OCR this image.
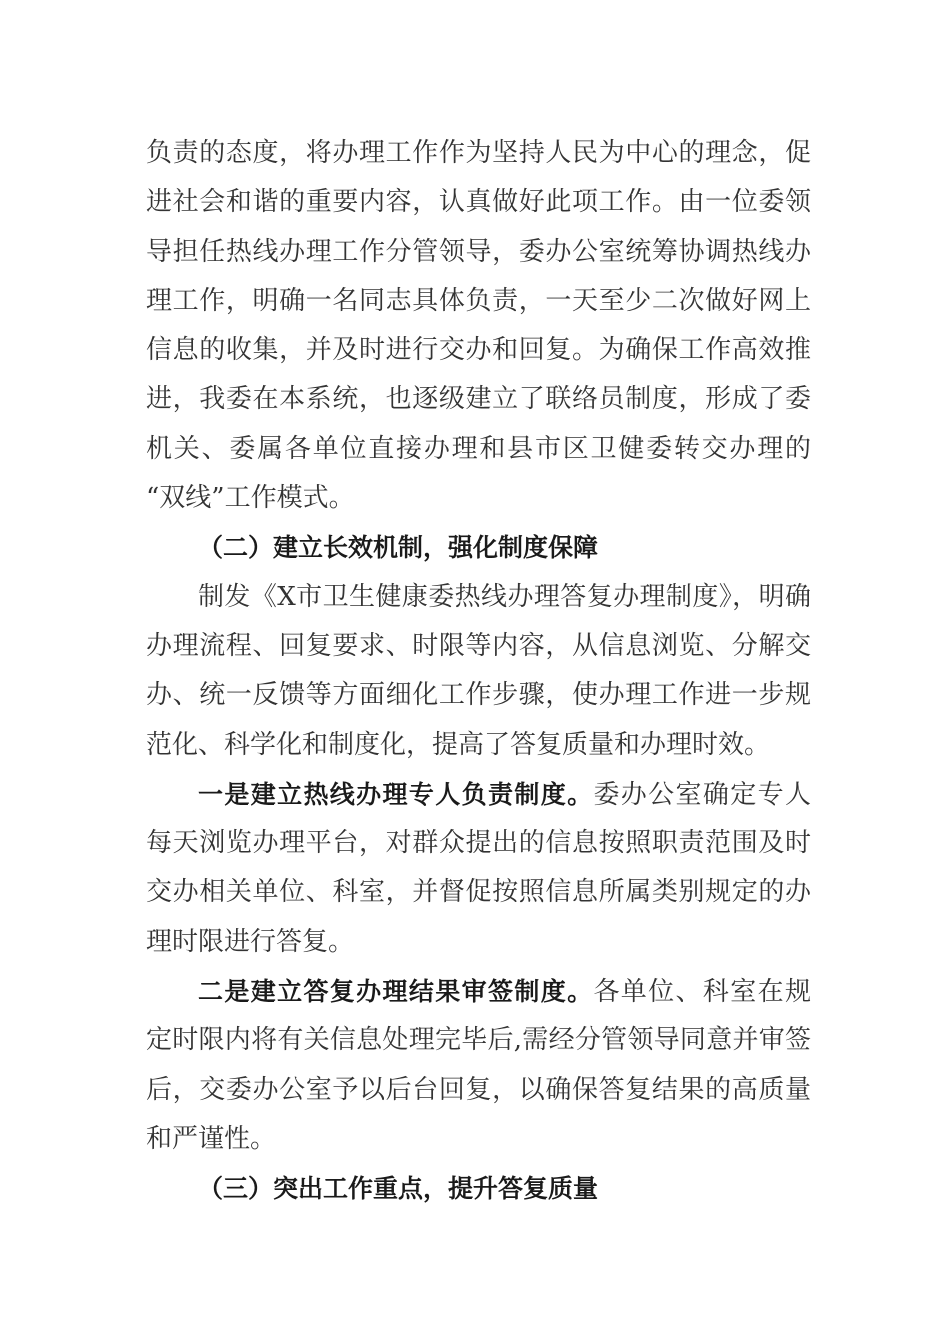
负责的态度，将办理工作作为坚持人民为中心的理念，促
进社会和谐的重要内容，认真做好此项工作。由一位委领
导担任热线办理工作分管领导，委办公室统筹协调热线办
理工作，明确一名同志具体负责，一天至少二次做好网上
信息的收集，并及时进行交办和回复。为确保工作高效推
进，我委在本系统，也逐级建立了联络员制度，形成了委
机关、委属各单位直接办理和县市区卫健委转交办理的
“双线”工作模式。
（二）建立长效机制，强化制度保障
制发《X市卫生健康委热线办理答复办理制度》，明确
办理流程、回复要求、时限等内容，从信息浏览、分解交
办、统一反馈等方面细化工作步骤，使办理工作进一步规
范化、科学化和制度化，提高了答复质量和办理时效。
一是建立热线办理专人负责制度。委办公室确定专人
每天浏览办理平台，对群众提出的信息按照职责范围及时
交办相关单位、科室，并督促按照信息所属类别规定的办
理时限进行答复。
二是建立答复办理结果审签制度。各单位、科室在规
定时限内将有关信息处理完毕后,需经分管领导同意并审签
后，交委办公室予以后台回复，以确保答复结果的高质量
和严谨性。
（三）突出工作重点，提升答复质量
